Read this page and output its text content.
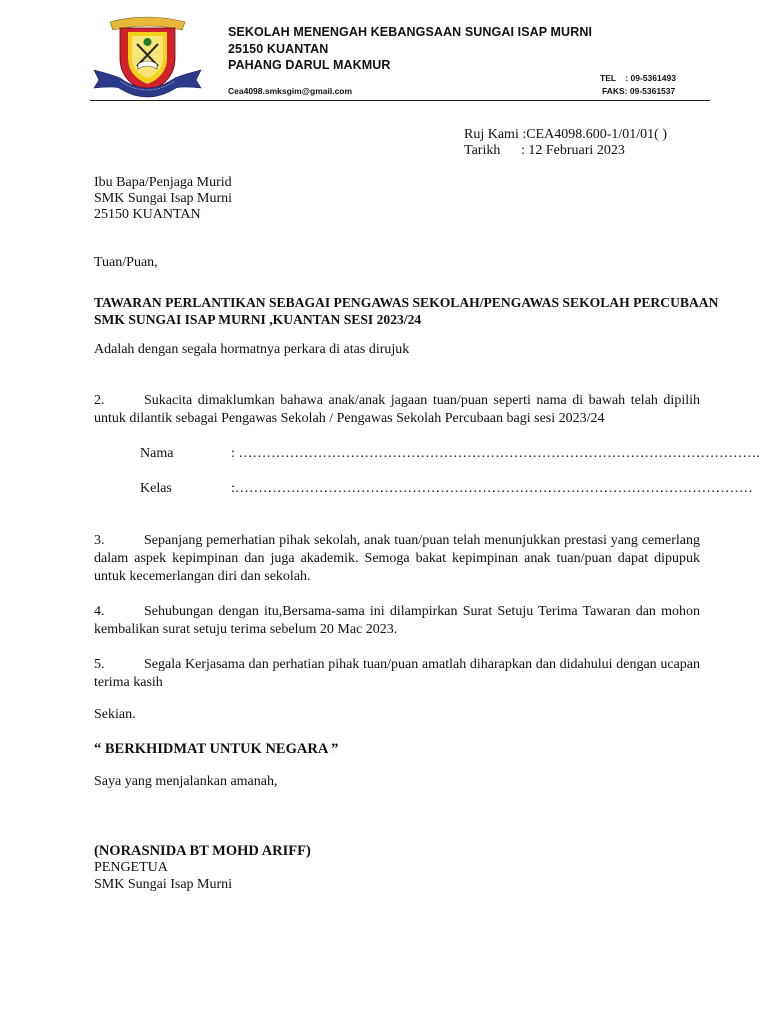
SEKOLAH MENENGAH KEBANGSAAN SUNGAI ISAP MURNI

25150 KUANTAN

PAHANG DARUL MAKMUR

TEL    : 09-5361493

Cea4098.smksgim@gmail.com	FAKS: 09-5361537

Ruj Kami :CEA4098.600-1/01/01( )

Tarikh : 12 Februari 2023

Ibu Bapa/Penjaga Murid

SMK Sungai Isap Murni

25150 KUANTAN

Tuan/Puan,

TAWARAN PERLANTIKAN SEBAGAI PENGAWAS SEKOLAH/PENGAWAS SEKOLAH PERCUBAAN

SMK SUNGAI ISAP MURNI ,KUANTAN SESI 2023/24

Adalah dengan segala hormatnya perkara di atas dirujuk

2.	Sukacita dimaklumkan bahawa anak/anak jagaan tuan/puan seperti nama di bawah telah dipilih untuk dilantik sebagai Pengawas Sekolah / Pengawas Sekolah Percubaan bagi sesi 2023/24

Nama	: ………………………………………………………………………………………………….

Kelas	:…………………………………………………………………………………………………

3.	Sepanjang pemerhatian pihak sekolah, anak tuan/puan telah menunjukkan prestasi yang cemerlang dalam aspek kepimpinan dan juga akademik. Semoga bakat kepimpinan anak tuan/puan dapat dipupuk untuk kecemerlangan diri dan sekolah.

4.	Sehubungan dengan itu,Bersama-sama ini dilampirkan Surat Setuju Terima Tawaran dan mohon kembalikan surat setuju terima sebelum 20 Mac 2023.

5.	Segala Kerjasama dan perhatian pihak tuan/puan amatlah diharapkan dan didahului dengan ucapan terima kasih

Sekian.

“ BERKHIDMAT UNTUK NEGARA ”

Saya yang menjalankan amanah,

(NORASNIDA BT MOHD ARIFF)

PENGETUA

SMK Sungai Isap Murni
